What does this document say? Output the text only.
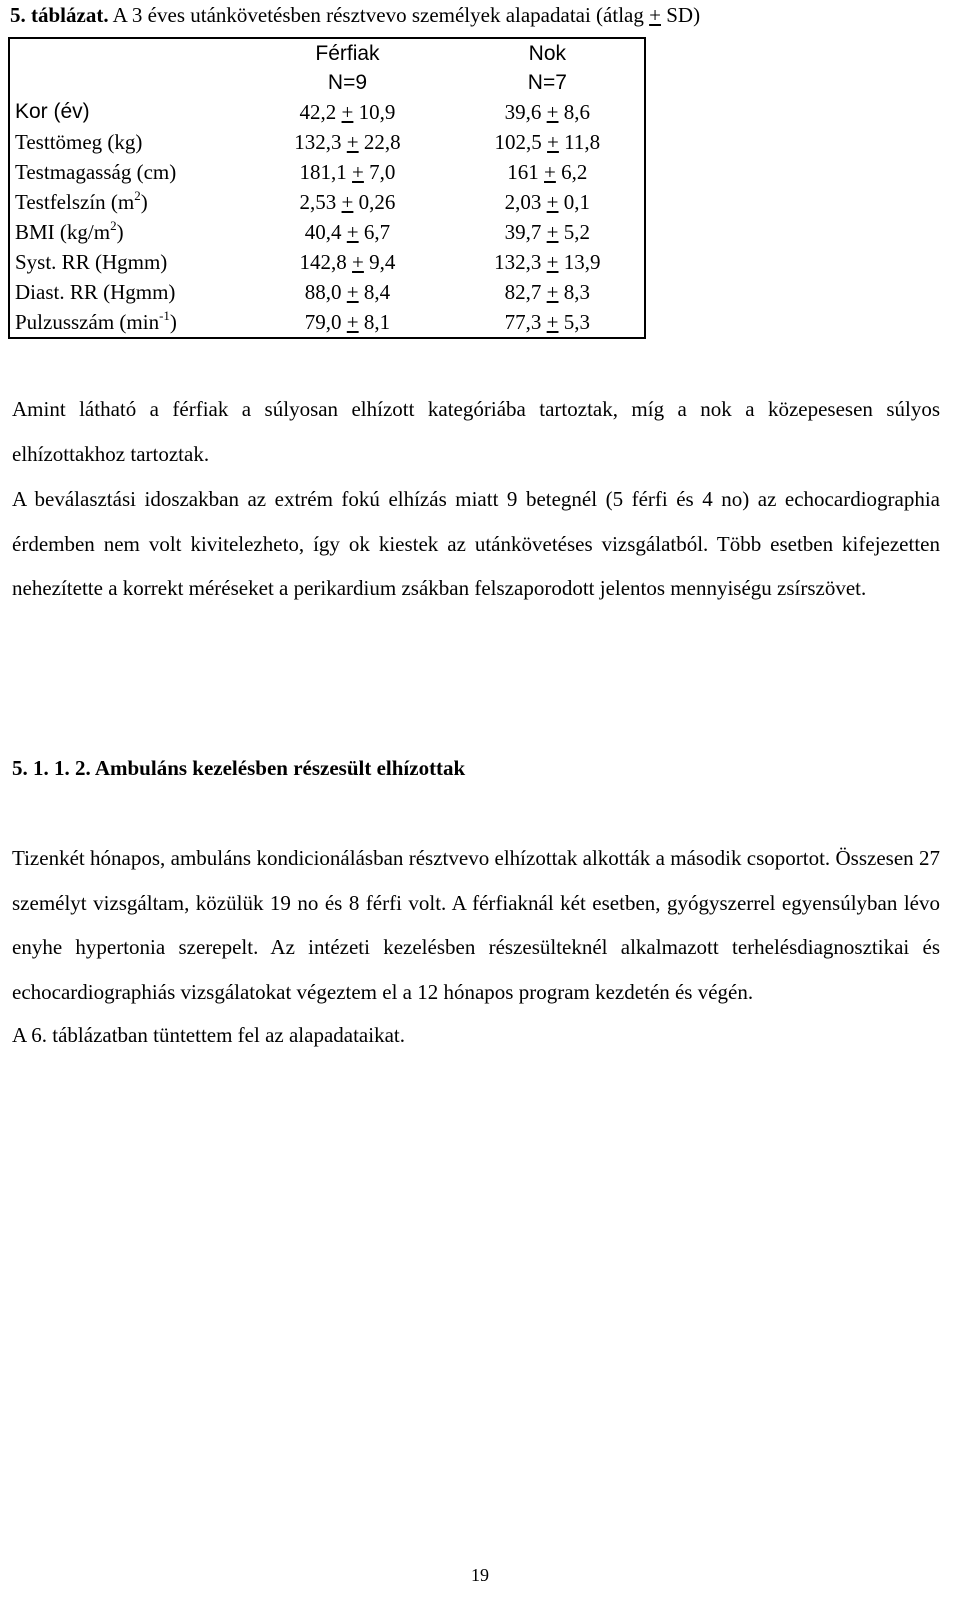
5. táblázat. A 3 éves utánkövetésben résztvevo személyek alapadatai (átlag + SD)
	Férfiak	Nok
	N=9	N=7
Kor (év)	42,2 + 10,9	39,6 + 8,6
Testtömeg (kg)	132,3 + 22,8	102,5 + 11,8
Testmagasság (cm)	181,1 + 7,0	161 + 6,2
Testfelszín $(m^2)$	2,53 + 0,26	2,03 + 0,1
BMI $(kg/m^2)$	40,4 + 6,7	39,7 + 5,2
Syst. RR (Hgmm)	142,8 + 9,4	132,3 + 13,9
Diast. RR (Hgmm)	88,0 + 8,4	82,7 + 8,3
Pulzusszám $(\min^{-1})$	79,0 + 8,1	77,3 + 5,3

Amint látható a férfiak a súlyosan elhízott kategóriába tartoztak, míg a nok a közepesesen súlyos elhízottakhoz tartoztak.

A beválasztási idoszakban az extrém fokú elhízás miatt 9 betegnél (5 férfi és 4 no) az echocardiographia érdemben nem volt kivitelezheto, így ok kiestek az utánkövetéses vizsgálatból. Több esetben kifejezetten nehezítette a korrekt méréseket a perikardium zsákban felszaporodott jelentos mennyiségu zsírszövet.

5. 1. 1. 2. Ambuláns kezelésben részesült elhízottak

Tizenkét hónapos, ambuláns kondicionálásban résztvevo elhízottak alkották a második csoportot. Összesen 27 személyt vizsgáltam, közülük 19 no és 8 férfi volt. A férfiaknál két esetben, gyógyszerrel egyensúlyban lévo enyhe hypertonia szerepelt. Az intézeti kezelésben részesülteknél alkalmazott terhelésdiagnosztikai és echocardiographiás vizsgálatokat végeztem el a 12 hónapos program kezdetén és végén.

A 6. táblázatban tüntettem fel az alapadataikat.

19
